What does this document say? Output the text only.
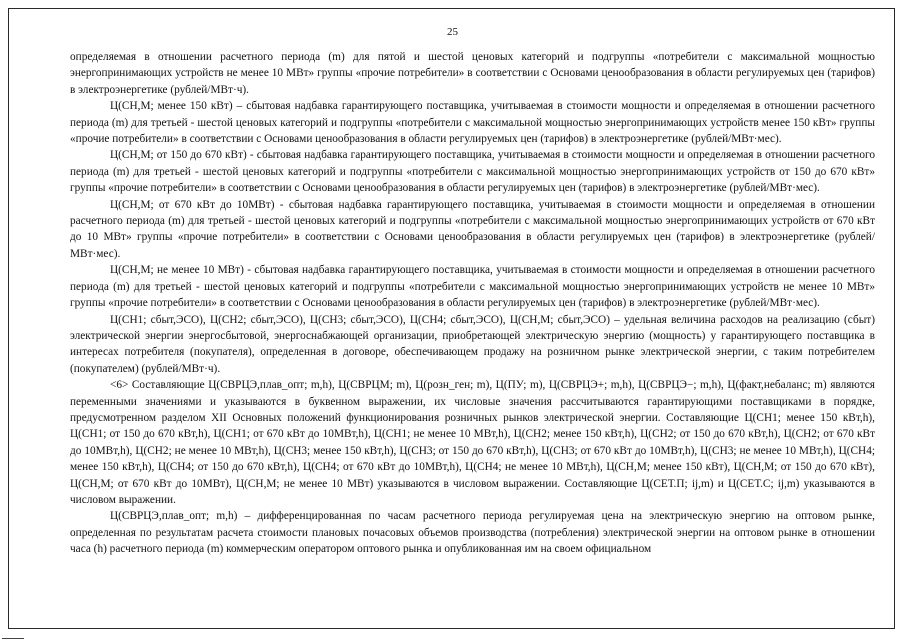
25

определяемая в отношении расчетного периода (m) для пятой и шестой ценовых категорий и подгруппы «потребители с максимальной мощностью энергопринимающих устройств не менее 10 МВт» группы «прочие потребители» в соответствии с Основами ценообразования в области регулируемых цен (тарифов) в электроэнергетике (рублей/МВт·ч).

Ц(СН,М; менее 150 кВт) – сбытовая надбавка гарантирующего поставщика, учитываемая в стоимости мощности и определяемая в отношении расчетного периода (m) для третьей - шестой ценовых категорий и подгруппы «потребители с максимальной мощностью энергопринимающих устройств менее 150 кВт» группы «прочие потребители» в соответствии с Основами ценообразования в области регулируемых цен (тарифов) в электроэнергетике (рублей/МВт·мес).

Ц(СН,М; от 150 до 670 кВт) - сбытовая надбавка гарантирующего поставщика, учитываемая в стоимости мощности и определяемая в отношении расчетного периода (m) для третьей - шестой ценовых категорий и подгруппы «потребители с максимальной мощностью энергопринимающих устройств от 150 до 670 кВт» группы «прочие потребители» в соответствии с Основами ценообразования в области регулируемых цен (тарифов) в электроэнергетике (рублей/МВт·мес).

Ц(СН,М; от 670 кВт до 10МВт) - сбытовая надбавка гарантирующего поставщика, учитываемая в стоимости мощности и определяемая в отношении расчетного периода (m) для третьей - шестой ценовых категорий и подгруппы «потребители с максимальной мощностью энергопринимающих устройств от 670 кВт до 10 МВт» группы «прочие потребители» в соответствии с Основами ценообразования в области регулируемых цен (тарифов) в электроэнергетике (рублей/МВт·мес).

Ц(СН,М; не менее 10 МВт) - сбытовая надбавка гарантирующего поставщика, учитываемая в стоимости мощности и определяемая в отношении расчетного периода (m) для третьей - шестой ценовых категорий и подгруппы «потребители с максимальной мощностью энергопринимающих устройств не менее 10 МВт» группы «прочие потребители» в соответствии с Основами ценообразования в области регулируемых цен (тарифов) в электроэнергетике (рублей/МВт·мес).

Ц(СН1; сбыт,ЭСО), Ц(СН2; сбыт,ЭСО), Ц(СН3; сбыт,ЭСО), Ц(СН4; сбыт,ЭСО), Ц(СН,М; сбыт,ЭСО) – удельная величина расходов на реализацию (сбыт) электрической энергии энергосбытовой, энергоснабжающей организации, приобретающей электрическую энергию (мощность) у гарантирующего поставщика в интересах потребителя (покупателя), определенная в договоре, обеспечивающем продажу на розничном рынке электрической энергии, с таким потребителем (покупателем) (рублей/МВт·ч).

<6> Составляющие Ц(СВРЦЭ,плав_опт; m,h), Ц(СВРЦМ; m), Ц(розн_ген; m), Ц(ПУ; m), Ц(СВРЦЭ+; m,h), Ц(СВРЦЭ−; m,h), Ц(факт,небаланс; m) являются переменными значениями и указываются в буквенном выражении, их числовые значения рассчитываются гарантирующими поставщиками в порядке, предусмотренном разделом XII Основных положений функционирования розничных рынков электрической энергии. Составляющие Ц(СН1; менее 150 кВт,h), Ц(СН1; от 150 до 670 кВт,h), Ц(СН1; от 670 кВт до 10МВт,h), Ц(СН1; не менее 10 МВт,h), Ц(СН2; менее 150 кВт,h), Ц(СН2; от 150 до 670 кВт,h), Ц(СН2; от 670 кВт до 10МВт,h), Ц(СН2; не менее 10 МВт,h), Ц(СН3; менее 150 кВт,h), Ц(СН3; от 150 до 670 кВт,h), Ц(СН3; от 670 кВт до 10МВт,h), Ц(СН3; не менее 10 МВт,h), Ц(СН4; менее 150 кВт,h), Ц(СН4; от 150 до 670 кВт,h), Ц(СН4; от 670 кВт до 10МВт,h), Ц(СН4; не менее 10 МВт,h), Ц(СН,М; менее 150 кВт), Ц(СН,М; от 150 до 670 кВт), Ц(СН,М; от 670 кВт до 10МВт), Ц(СН,М; не менее 10 МВт) указываются в числовом выражении. Составляющие Ц(СЕТ.П; ij,m) и Ц(СЕТ.С; ij,m) указываются в числовом выражении.

Ц(СВРЦЭ,плав_опт; m,h) – дифференцированная по часам расчетного периода регулируемая цена на электрическую энергию на оптовом рынке, определенная по результатам расчета стоимости плановых почасовых объемов производства (потребления) электрической энергии на оптовом рынке в отношении часа (h) расчетного периода (m) коммерческим оператором оптового рынка и опубликованная им на своем официальном
